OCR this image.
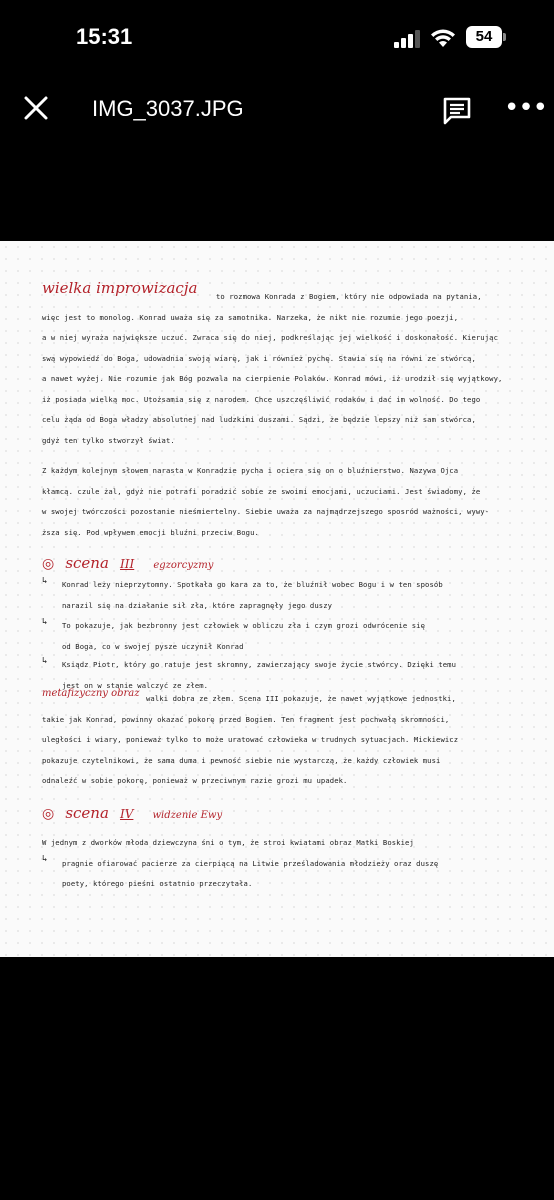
15:31	54
IMG_3037.JPG	•••
wielka improwizacja	to rozmowa Konrada z Bogiem, który nie odpowiada na pytania,
więc jest to monolog. Konrad uważa się za samotnika. Narzeka, że nikt nie rozumie jego poezji,
a w niej wyraża największe uczuć. Zwraca się do niej, podkreślając jej wielkość i doskonałość. Kierując
swą wypowiedź do Boga, udowadnia swoją wiarę, jak i również pychę. Stawia się na równi ze stwórcą,
a nawet wyżej. Nie rozumie jak Bóg pozwala na cierpienie Polaków. Konrad mówi, iż urodził się wyjątkowy,
iż posiada wielką moc. Utożsamia się z narodem. Chce uszczęśliwić rodaków i dać im wolność. Do tego
celu żąda od Boga władzy absolutnej nad ludzkimi duszami. Sądzi, że będzie lepszy niż sam stwórca,
gdyż ten tylko stworzył świat.
Z każdym kolejnym słowem narasta w Konradzie pycha i ociera się on o bluźnierstwo. Nazywa Ojca
kłamcą. czule żal, gdyż nie potrafi poradzić sobie ze swoimi emocjami, uczuciami. Jest świadomy, że
w swojej twórczości pozostanie nieśmiertelny. Siebie uważa za najmądrzejszego sposród ważności, wywy-
ższa się. Pod wpływem emocji bluźni przeciw Bogu.
◎ scena III egzorcyzmy
↳ Konrad leży nieprzytomny. Spotkała go kara za to, że bluźnił wobec Bogu i w ten sposób
narazil się na działanie sił zła, które zapragnęły jego duszy
↳ To pokazuje, jak bezbronny jest człowiek w obliczu zła i czym grozi odwrócenie się
od Boga, co w swojej pysze uczynił Konrad
↳ Ksiądz Piotr, który go ratuje jest skromny, zawierzający swoje życie stwórcy. Dzięki temu
jest on w stanie walczyć ze złem.
metafizyczny obraz walki dobra ze złem. Scena III pokazuje, że nawet wyjątkowe jednostki,
takie jak Konrad, powinny okazać pokorę przed Bogiem. Ten fragment jest pochwałą skromności,
uległości i wiary, ponieważ tylko to może uratować człowieka w trudnych sytuacjach. Mickiewicz
pokazuje czytelnikowi, że sama duma i pewność siebie nie wystarczą, że każdy człowiek musi
odnaleźć w sobie pokorę, ponieważ w przeciwnym razie grozi mu upadek.
◎ scena IV widzenie Ewy
W jednym z dworków młoda dziewczyna śni o tym, że stroi kwiatami obraz Matki Boskiej
↳ pragnie ofiarować pacierze za cierpiącą na Litwie prześladowania młodzieży oraz duszę
poety, którego pieśni ostatnio przeczytała.
